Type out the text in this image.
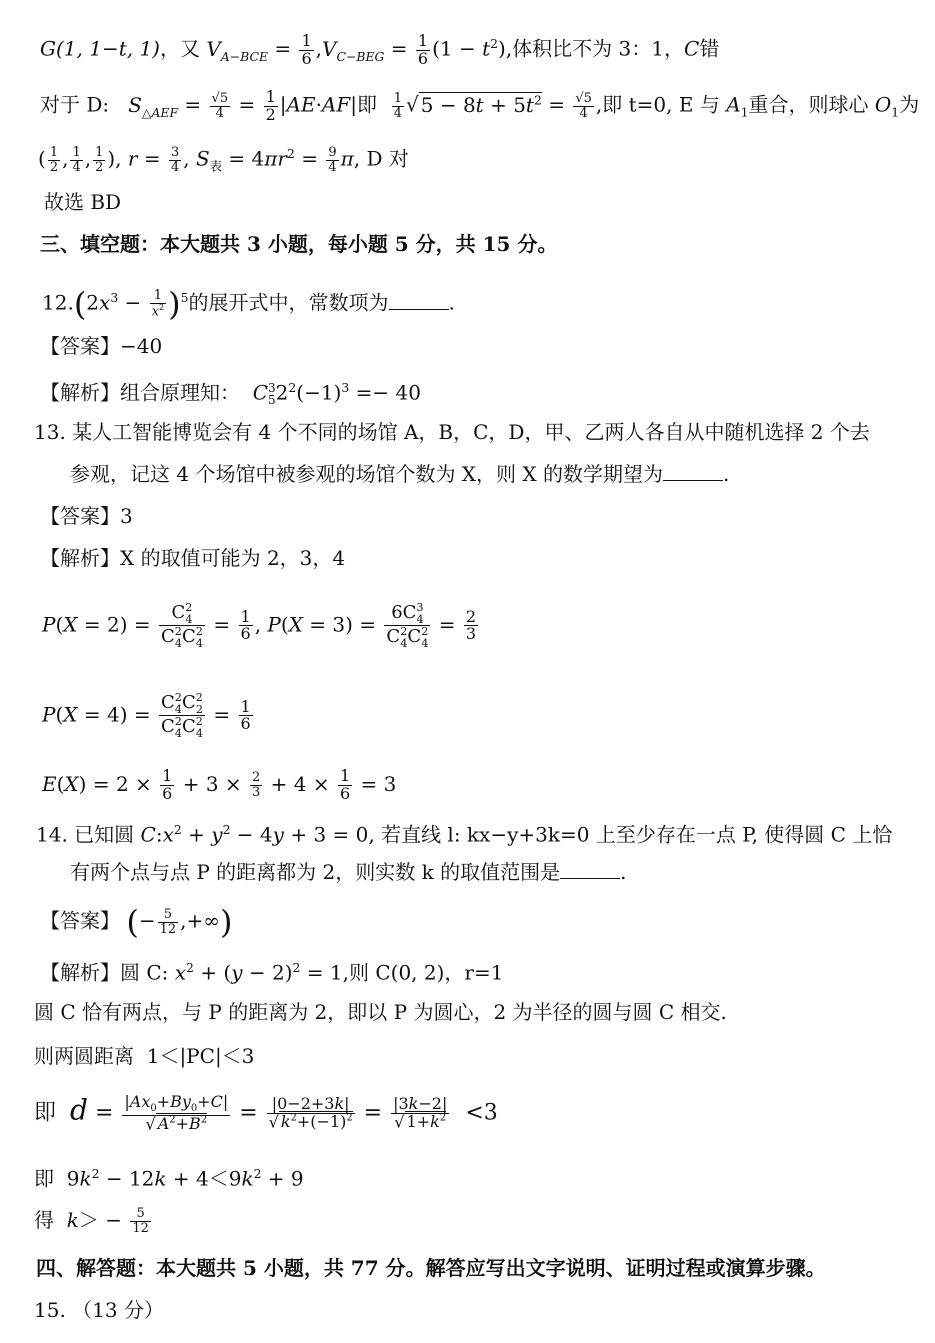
G(1, 1−t, 1)，又 $V_{A-BCE} = \frac{1}{6} ,V_{C-BEG} = \frac{1}{6} (1 - t^2)$,体积比不为 3：1，C错
对于 D: $S_{\triangle AEF} = \frac{√5}{4} = \frac{1}{2} |AE\cdot AF|$即 $\frac{1}{4}$ √ $5 - 8t + 5t^2 = \frac{√5}{4}$ ,即 t=0, E 与 $A_1$重合，则球心 $O_1$为
( $\frac{1}{2}$ , $\frac{1}{4}$ , $\frac{1}{2}$ ), $r = \frac{3}{4}$ , $S_表 = 4\pi r^2 = \frac{9}{4} \pi$, D 对
故选 BD
三、填空题：本大题共 3 小题，每小题 5 分，共 15 分。
$12.(2x^3 - \frac{1}{x^2} )^5$的展开式中，常数项为	.
【答案】−40
【解析】组合原理知： C 3
5 $2^2(-1)^3 =- 40$
13. 某人工智能博览会有 4 个不同的场馆 A，B，C，D，甲、乙两人各自从中随机选择 2 个去
参观，记这 4 个场馆中被参观的场馆个数为 X，则 X 的数学期望为	.
【答案】3
【解析】X 的取值可能为 2，3，4
$P(X = 2) = \frac{C^2_4}{C^2_4C^2_4} = \frac{1}{6}$ , $P(X = 3) = \frac{6C^3_4}{C^2_4C^2_4} = \frac{2}{3}$
$P(X = 4) = \frac{C^2_4C^2_2}{C^2_4C^2_4} = \frac{1}{6}$
$E(X) = 2 \times \frac{1}{6} + 3 \times \frac{2}{3} + 4 \times \frac{1}{6} = 3$
14. 已知圆 $C:x^2 + y^2 - 4y + 3 = 0$, 若直线 l: kx−y+3k=0 上至少存在一点 P, 使得圆 C 上恰
有两个点与点 P 的距离都为 2，则实数 k 的取值范围是	.
【答案】 (− $\frac{5}{12}$ ,+∞)
【解析】圆 C: $x^2 + (y - 2)^2 = 1$,则 C(0, 2)，r=1
圆 C 恰有两点，与 P 的距离为 2，即以 P 为圆心，2 为半径的圆与圆 C 相交.
则两圆距离 1＜|PC|＜3
即 $d = \frac{|Ax_0+By_0+C|}{√ A^2+B^2} = \frac{|0-2+3k|}{√ k^2+(-1)^2} = \frac{|3k-2|}{√ 1+k^2} <3$
即  $9k^2 - 12k + 4<9k^2 + 9$
得 $k> - \frac{5}{12}$
四、解答题：本大题共 5 小题，共 77 分。解答应写出文字说明、证明过程或演算步骤。
15. （13 分）
